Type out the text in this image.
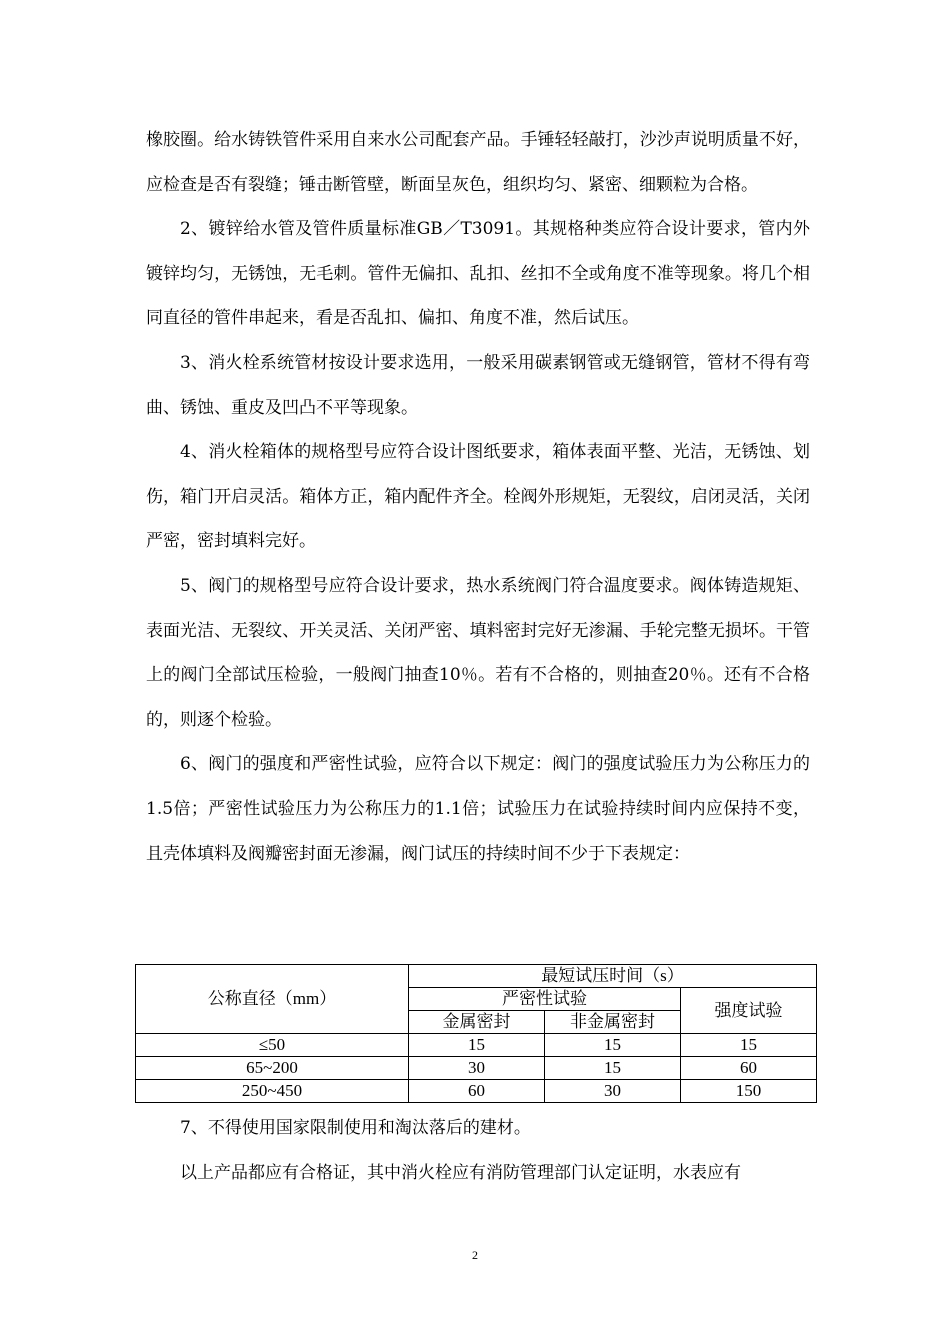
橡胶圈。给水铸铁管件采用自来水公司配套产品。手锤轻轻敲打，沙沙声说明质量不好，应检查是否有裂缝；锤击断管壁，断面呈灰色，组织均匀、紧密、细颗粒为合格。

2、镀锌给水管及管件质量标准GB／T3091。其规格种类应符合设计要求，管内外镀锌均匀，无锈蚀，无毛刺。管件无偏扣、乱扣、丝扣不全或角度不准等现象。将几个相同直径的管件串起来，看是否乱扣、偏扣、角度不准，然后试压。

3、消火栓系统管材按设计要求选用，一般采用碳素钢管或无缝钢管，管材不得有弯曲、锈蚀、重皮及凹凸不平等现象。

4、消火栓箱体的规格型号应符合设计图纸要求，箱体表面平整、光洁，无锈蚀、划伤，箱门开启灵活。箱体方正，箱内配件齐全。栓阀外形规矩，无裂纹，启闭灵活，关闭严密，密封填料完好。

5、阀门的规格型号应符合设计要求，热水系统阀门符合温度要求。阀体铸造规矩、表面光洁、无裂纹、开关灵活、关闭严密、填料密封完好无渗漏、手轮完整无损坏。干管上的阀门全部试压检验，一般阀门抽查10％。若有不合格的，则抽查20％。还有不合格的，则逐个检验。

6、阀门的强度和严密性试验，应符合以下规定：阀门的强度试验压力为公称压力的1.5倍；严密性试验压力为公称压力的1.1倍；试验压力在试验持续时间内应保持不变，且壳体填料及阀瓣密封面无渗漏，阀门试压的持续时间不少于下表规定：

公称直径（mm）	最短试压时间（s）		
	严密性试验		强度试验
	金属密封	非金属密封	
≤50	15	15	15
65~200	30	15	60
250~450	60	30	150

7、不得使用国家限制使用和淘汰落后的建材。

以上产品都应有合格证，其中消火栓应有消防管理部门认定证明，水表应有

2
